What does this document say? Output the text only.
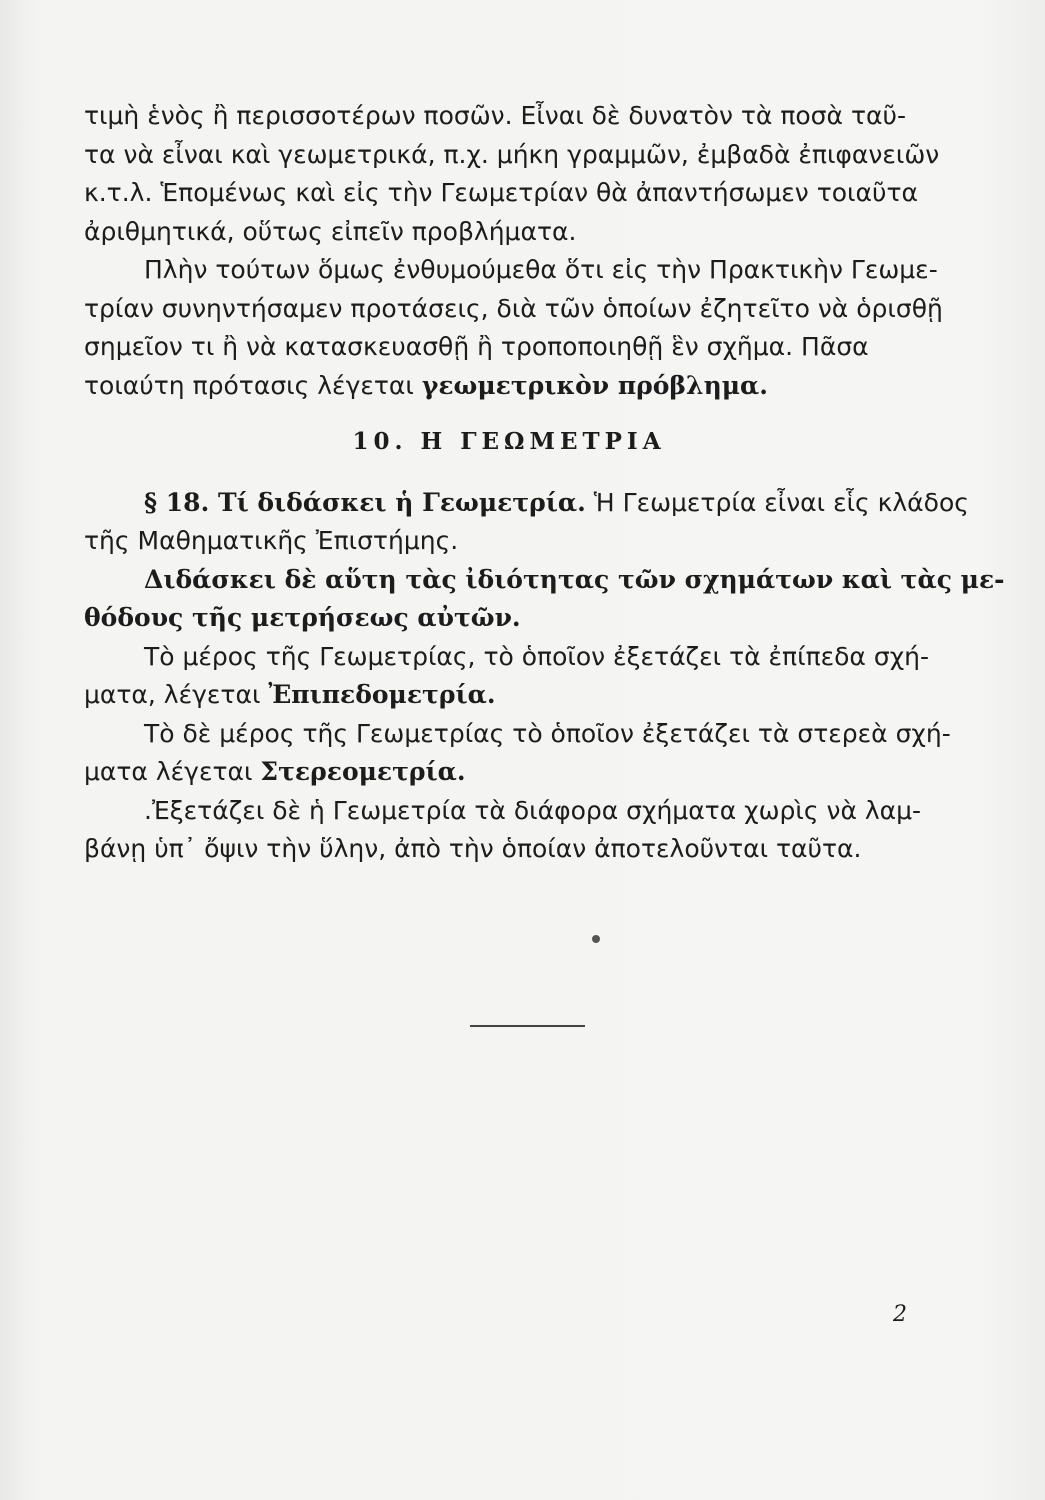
τιμὴ ἑνὸς ἢ περισσοτέρων ποσῶν. Εἶναι δὲ δυνατὸν τὰ ποσὰ ταῦ-
τα νὰ εἶναι καὶ γεωμετρικά, π.χ. μήκη γραμμῶν, ἐμβαδὰ ἐπιφανειῶν
κ.τ.λ. Ἑπομένως καὶ εἰς τὴν Γεωμετρίαν θὰ ἀπαντήσωμεν τοιαῦτα
ἀριθμητικά, οὕτως εἰπεῖν προβλήματα.
Πλὴν τούτων ὅμως ἐνθυμούμεθα ὅτι εἰς τὴν Πρακτικὴν Γεωμε-
τρίαν συνηντήσαμεν προτάσεις, διὰ τῶν ὁποίων ἐζητεῖτο νὰ ὁρισθῇ
σημεῖον τι ἢ νὰ κατασκευασθῇ ἢ τροποποιηθῇ ἓν σχῆμα. Πᾶσα
τοιαύτη πρότασις λέγεται γεωμετρικὸν πρόβλημα.
10. Η ΓΕΩΜΕΤΡΙΑ
§ 18. Τί διδάσκει ἡ Γεωμετρία. Ἡ Γεωμετρία εἶναι εἷς κλάδος
τῆς Μαθηματικῆς Ἐπιστήμης.
Διδάσκει δὲ αὕτη τὰς ἰδιότητας τῶν σχημάτων καὶ τὰς με-
θόδους τῆς μετρήσεως αὐτῶν.
Τὸ μέρος τῆς Γεωμετρίας, τὸ ὁποῖον ἐξετάζει τὰ ἐπίπεδα σχή-
ματα, λέγεται Ἐπιπεδομετρία.
Τὸ δὲ μέρος τῆς Γεωμετρίας τὸ ὁποῖον ἐξετάζει τὰ στερεὰ σχή-
ματα λέγεται Στερεομετρία.
.Ἐξετάζει δὲ ἡ Γεωμετρία τὰ διάφορα σχήματα χωρὶς νὰ λαμ-
βάνῃ ὑπ᾽ ὄψιν τὴν ὕλην, ἀπὸ τὴν ὁποίαν ἀποτελοῦνται ταῦτα.
2
